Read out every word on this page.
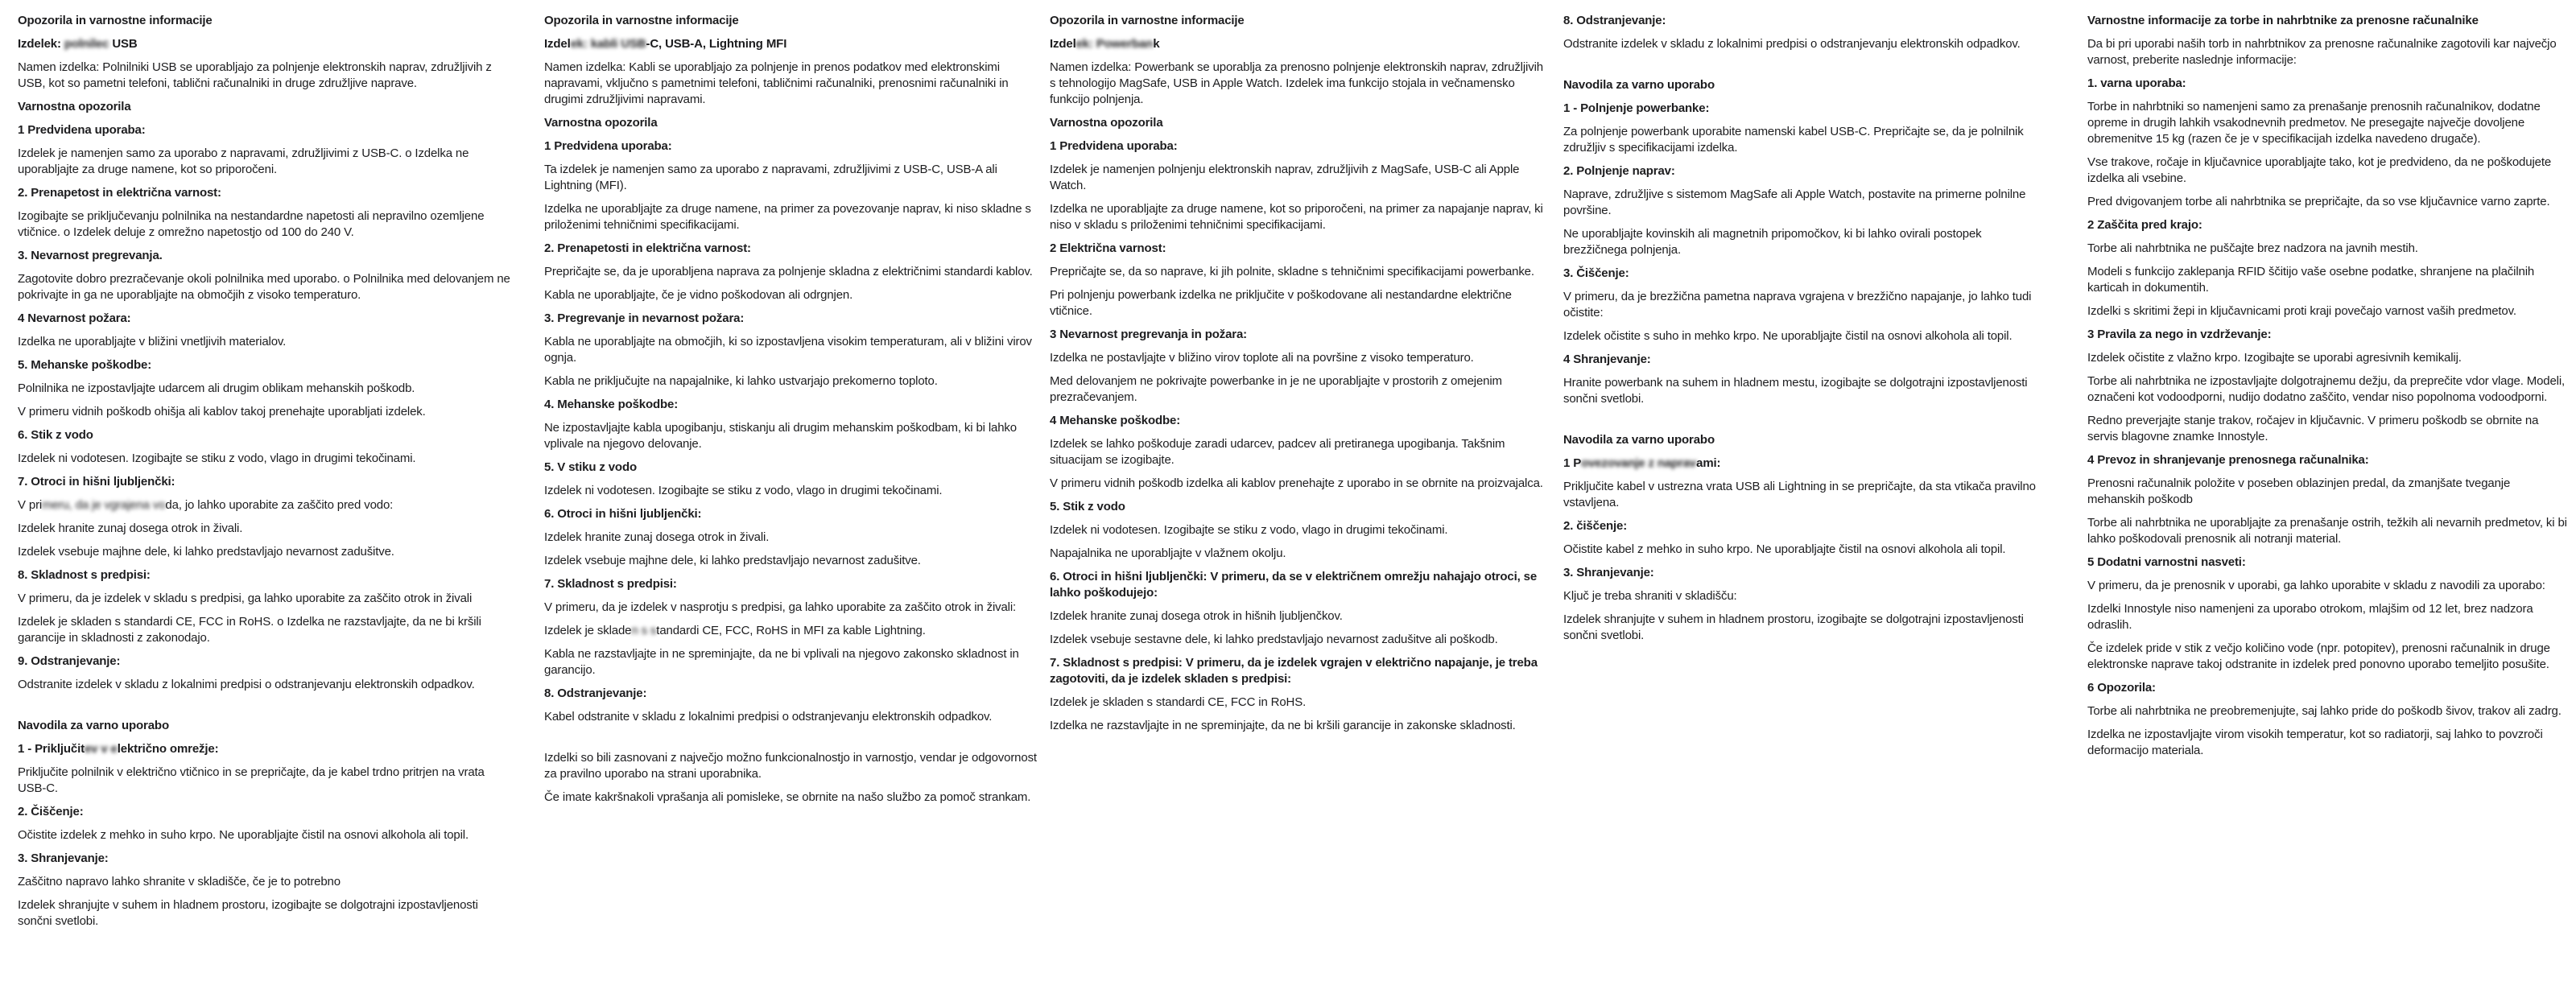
Opozorila in varnostne informacije

Izdelek: polnilec USB

Namen izdelka: Polnilniki USB se uporabljajo za polnjenje elektronskih naprav, združljivih z USB, kot so pametni telefoni, tablični računalniki in druge združljive naprave.

Varnostna opozorila

1 Predvidena uporaba:

Izdelek je namenjen samo za uporabo z napravami, združljivimi z USB-C. o Izdelka ne uporabljajte za druge namene, kot so priporočeni.

2. Prenapetost in električna varnost:

Izogibajte se priključevanju polnilnika na nestandardne napetosti ali nepravilno ozemljene vtičnice. o Izdelek deluje z omrežno napetostjo od 100 do 240 V.

3. Nevarnost pregrevanja.

Zagotovite dobro prezračevanje okoli polnilnika med uporabo. o Polnilnika med delovanjem ne pokrivajte in ga ne uporabljajte na območjih z visoko temperaturo.

4 Nevarnost požara:

Izdelka ne uporabljajte v bližini vnetljivih materialov.

5. Mehanske poškodbe:

Polnilnika ne izpostavljajte udarcem ali drugim oblikam mehanskih poškodb.

V primeru vidnih poškodb ohišja ali kablov takoj prenehajte uporabljati izdelek.

6. Stik z vodo

Izdelek ni vodotesen. Izogibajte se stiku z vodo, vlago in drugimi tekočinami.

7. Otroci in hišni ljubljenčki:

V primeru, da je vgrajena voda, jo lahko uporabite za zaščito pred vodo:

Izdelek hranite zunaj dosega otrok in živali.

Izdelek vsebuje majhne dele, ki lahko predstavljajo nevarnost zadušitve.

8. Skladnost s predpisi:

V primeru, da je izdelek v skladu s predpisi, ga lahko uporabite za zaščito otrok in živali

Izdelek je skladen s standardi CE, FCC in RoHS. o Izdelka ne razstavljajte, da ne bi kršili garancije in skladnosti z zakonodajo.

9. Odstranjevanje:

Odstranite izdelek v skladu z lokalnimi predpisi o odstranjevanju elektronskih odpadkov.

Navodila za varno uporabo

1 - Priključitev v električno omrežje:

Priključite polnilnik v električno vtičnico in se prepričajte, da je kabel trdno pritrjen na vrata USB-C.

2. Čiščenje:

Očistite izdelek z mehko in suho krpo. Ne uporabljajte čistil na osnovi alkohola ali topil.

3. Shranjevanje:

Zaščitno napravo lahko shranite v skladišče, če je to potrebno

Izdelek shranjujte v suhem in hladnem prostoru, izogibajte se dolgotrajni izpostavljenosti sončni svetlobi.

Opozorila in varnostne informacije

Izdelek: kabli USB-C, USB-A, Lightning MFI

Namen izdelka: Kabli se uporabljajo za polnjenje in prenos podatkov med elektronskimi napravami, vključno s pametnimi telefoni, tabličnimi računalniki, prenosnimi računalniki in drugimi združljivimi napravami.

Varnostna opozorila

1 Predvidena uporaba:

Ta izdelek je namenjen samo za uporabo z napravami, združljivimi z USB-C, USB-A ali Lightning (MFI).

Izdelka ne uporabljajte za druge namene, na primer za povezovanje naprav, ki niso skladne s priloženimi tehničnimi specifikacijami.

2. Prenapetosti in električna varnost:

Prepričajte se, da je uporabljena naprava za polnjenje skladna z električnimi standardi kablov.

Kabla ne uporabljajte, če je vidno poškodovan ali odrgnjen.

3. Pregrevanje in nevarnost požara:

Kabla ne uporabljajte na območjih, ki so izpostavljena visokim temperaturam, ali v bližini virov ognja.

Kabla ne priključujte na napajalnike, ki lahko ustvarjajo prekomerno toploto.

4. Mehanske poškodbe:

Ne izpostavljajte kabla upogibanju, stiskanju ali drugim mehanskim poškodbam, ki bi lahko vplivale na njegovo delovanje.

5. V stiku z vodo

Izdelek ni vodotesen. Izogibajte se stiku z vodo, vlago in drugimi tekočinami.

6. Otroci in hišni ljubljenčki:

Izdelek hranite zunaj dosega otrok in živali.

Izdelek vsebuje majhne dele, ki lahko predstavljajo nevarnost zadušitve.

7. Skladnost s predpisi:

V primeru, da je izdelek v nasprotju s predpisi, ga lahko uporabite za zaščito otrok in živali:

Izdelek je skladen s standardi CE, FCC, RoHS in MFI za kable Lightning.

Kabla ne razstavljajte in ne spreminjajte, da ne bi vplivali na njegovo zakonsko skladnost in garancijo.

8. Odstranjevanje:

Kabel odstranite v skladu z lokalnimi predpisi o odstranjevanju elektronskih odpadkov.

Izdelki so bili zasnovani z največjo možno funkcionalnostjo in varnostjo, vendar je odgovornost za pravilno uporabo na strani uporabnika.

Če imate kakršnakoli vprašanja ali pomisleke, se obrnite na našo službo za pomoč strankam.

Opozorila in varnostne informacije

Izdelek: Powerbank

Namen izdelka: Powerbank se uporablja za prenosno polnjenje elektronskih naprav, združljivih s tehnologijo MagSafe, USB in Apple Watch. Izdelek ima funkcijo stojala in večnamensko funkcijo polnjenja.

Varnostna opozorila

1 Predvidena uporaba:

Izdelek je namenjen polnjenju elektronskih naprav, združljivih z MagSafe, USB-C ali Apple Watch.

Izdelka ne uporabljajte za druge namene, kot so priporočeni, na primer za napajanje naprav, ki niso v skladu s priloženimi tehničnimi specifikacijami.

2 Električna varnost:

Prepričajte se, da so naprave, ki jih polnite, skladne s tehničnimi specifikacijami powerbanke.

Pri polnjenju powerbank izdelka ne priključite v poškodovane ali nestandardne električne vtičnice.

3 Nevarnost pregrevanja in požara:

Izdelka ne postavljajte v bližino virov toplote ali na površine z visoko temperaturo.

Med delovanjem ne pokrivajte powerbanke in je ne uporabljajte v prostorih z omejenim prezračevanjem.

4 Mehanske poškodbe:

Izdelek se lahko poškoduje zaradi udarcev, padcev ali pretiranega upogibanja. Takšnim situacijam se izogibajte.

V primeru vidnih poškodb izdelka ali kablov prenehajte z uporabo in se obrnite na proizvajalca.

5. Stik z vodo

Izdelek ni vodotesen. Izogibajte se stiku z vodo, vlago in drugimi tekočinami.

Napajalnika ne uporabljajte v vlažnem okolju.

6. Otroci in hišni ljubljenčki: V primeru, da se v električnem omrežju nahajajo otroci, se lahko poškodujejo:

Izdelek hranite zunaj dosega otrok in hišnih ljubljenčkov.

Izdelek vsebuje sestavne dele, ki lahko predstavljajo nevarnost zadušitve ali poškodb.

7. Skladnost s predpisi: V primeru, da je izdelek vgrajen v električno napajanje, je treba zagotoviti, da je izdelek skladen s predpisi:

Izdelek je skladen s standardi CE, FCC in RoHS.

Izdelka ne razstavljajte in ne spreminjajte, da ne bi kršili garancije in zakonske skladnosti.

8. Odstranjevanje:

Odstranite izdelek v skladu z lokalnimi predpisi o odstranjevanju elektronskih odpadkov.

Navodila za varno uporabo

1 - Polnjenje powerbanke:

Za polnjenje powerbank uporabite namenski kabel USB-C. Prepričajte se, da je polnilnik združljiv s specifikacijami izdelka.

2. Polnjenje naprav:

Naprave, združljive s sistemom MagSafe ali Apple Watch, postavite na primerne polnilne površine.

Ne uporabljajte kovinskih ali magnetnih pripomočkov, ki bi lahko ovirali postopek brezžičnega polnjenja.

3. Čiščenje:

V primeru, da je brezžična pametna naprava vgrajena v brezžično napajanje, jo lahko tudi očistite:

Izdelek očistite s suho in mehko krpo. Ne uporabljajte čistil na osnovi alkohola ali topil.

4 Shranjevanje:

Hranite powerbank na suhem in hladnem mestu, izogibajte se dolgotrajni izpostavljenosti sončni svetlobi.

Navodila za varno uporabo

1 Povezovanje z napravami:

Priključite kabel v ustrezna vrata USB ali Lightning in se prepričajte, da sta vtikača pravilno vstavljena.

2. čiščenje:

Očistite kabel z mehko in suho krpo. Ne uporabljajte čistil na osnovi alkohola ali topil.

3. Shranjevanje:

Ključ je treba shraniti v skladišču:

Izdelek shranjujte v suhem in hladnem prostoru, izogibajte se dolgotrajni izpostavljenosti sončni svetlobi.

Varnostne informacije za torbe in nahrbtnike za prenosne računalnike

Da bi pri uporabi naših torb in nahrbtnikov za prenosne računalnike zagotovili kar največjo varnost, preberite naslednje informacije:

1. varna uporaba:

Torbe in nahrbtniki so namenjeni samo za prenašanje prenosnih računalnikov, dodatne opreme in drugih lahkih vsakodnevnih predmetov. Ne presegajte največje dovoljene obremenitve 15 kg (razen če je v specifikacijah izdelka navedeno drugače).

Vse trakove, ročaje in ključavnice uporabljajte tako, kot je predvideno, da ne poškodujete izdelka ali vsebine.

Pred dvigovanjem torbe ali nahrbtnika se prepričajte, da so vse ključavnice varno zaprte.

2 Zaščita pred krajo:

Torbe ali nahrbtnika ne puščajte brez nadzora na javnih mestih.

Modeli s funkcijo zaklepanja RFID ščitijo vaše osebne podatke, shranjene na plačilnih karticah in dokumentih.

Izdelki s skritimi žepi in ključavnicami proti kraji povečajo varnost vaših predmetov.

3 Pravila za nego in vzdrževanje:

Izdelek očistite z vlažno krpo. Izogibajte se uporabi agresivnih kemikalij.

Torbe ali nahrbtnika ne izpostavljajte dolgotrajnemu dežju, da preprečite vdor vlage. Modeli, označeni kot vodoodporni, nudijo dodatno zaščito, vendar niso popolnoma vodoodporni.

Redno preverjajte stanje trakov, ročajev in ključavnic. V primeru poškodb se obrnite na servis blagovne znamke Innostyle.

4 Prevoz in shranjevanje prenosnega računalnika:

Prenosni računalnik položite v poseben oblazinjen predal, da zmanjšate tveganje mehanskih poškodb

Torbe ali nahrbtnika ne uporabljajte za prenašanje ostrih, težkih ali nevarnih predmetov, ki bi lahko poškodovali prenosnik ali notranji material.

5 Dodatni varnostni nasveti:

V primeru, da je prenosnik v uporabi, ga lahko uporabite v skladu z navodili za uporabo:

Izdelki Innostyle niso namenjeni za uporabo otrokom, mlajšim od 12 let, brez nadzora odraslih.

Če izdelek pride v stik z večjo količino vode (npr. potopitev), prenosni računalnik in druge elektronske naprave takoj odstranite in izdelek pred ponovno uporabo temeljito posušite.

6 Opozorila:

Torbe ali nahrbtnika ne preobremenjujte, saj lahko pride do poškodb šivov, trakov ali zadrg.

Izdelka ne izpostavljajte virom visokih temperatur, kot so radiatorji, saj lahko to povzroči deformacijo materiala.
